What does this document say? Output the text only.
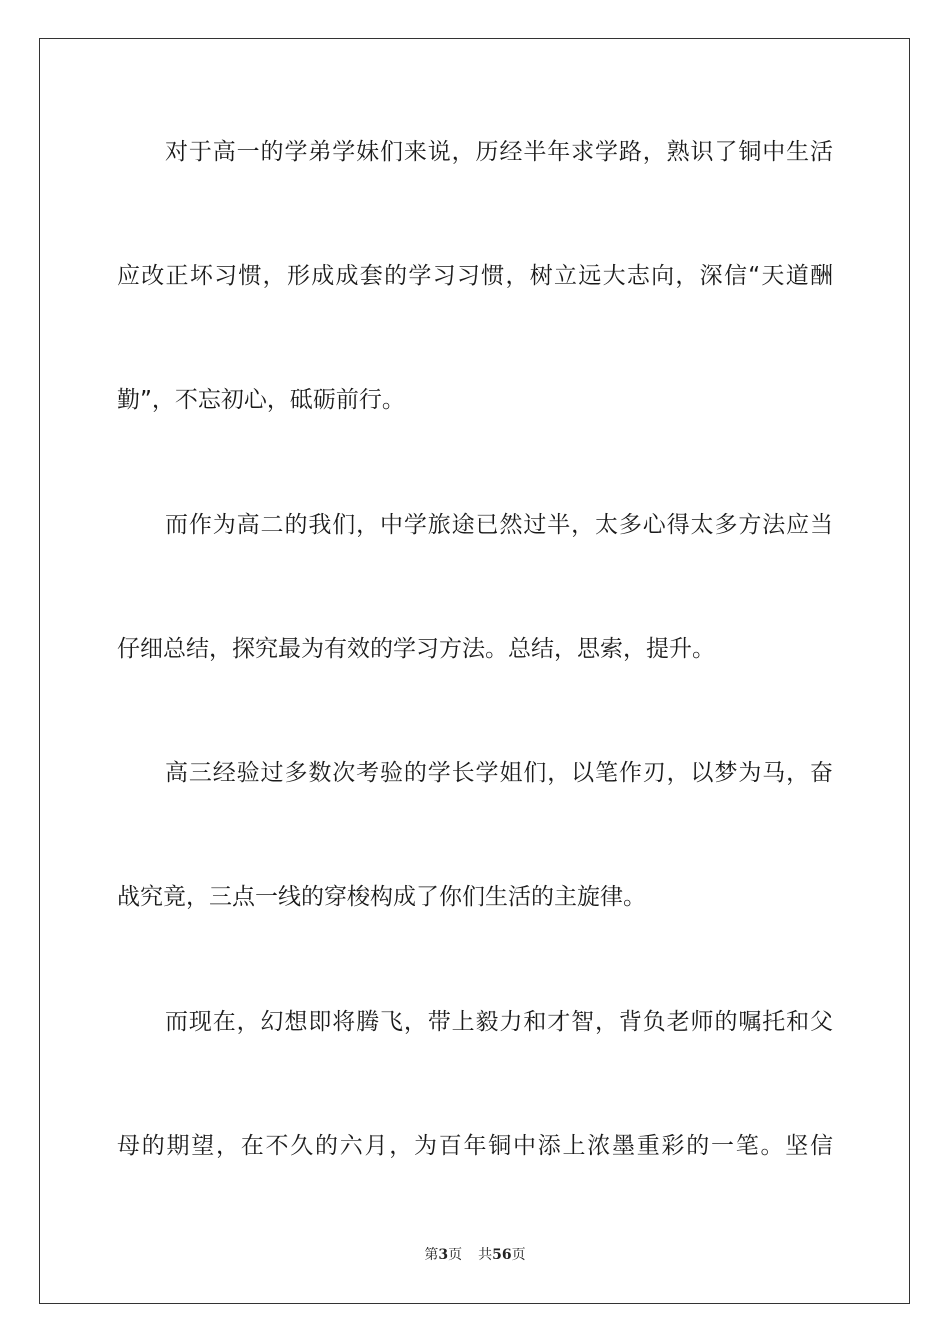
对于高一的学弟学妹们来说，历经半年求学路，熟识了铜中生活
应改正坏习惯，形成成套的学习习惯，树立远大志向，深信“天道酬
勤”，不忘初心，砥砺前行。
而作为高二的我们，中学旅途已然过半，太多心得太多方法应当
仔细总结，探究最为有效的学习方法。总结，思索，提升。
高三经验过多数次考验的学长学姐们，以笔作刃，以梦为马，奋
战究竟，三点一线的穿梭构成了你们生活的主旋律。
而现在，幻想即将腾飞，带上毅力和才智，背负老师的嘱托和父
母的期望，在不久的六月，为百年铜中添上浓墨重彩的一笔。坚信
第3页 共56页
